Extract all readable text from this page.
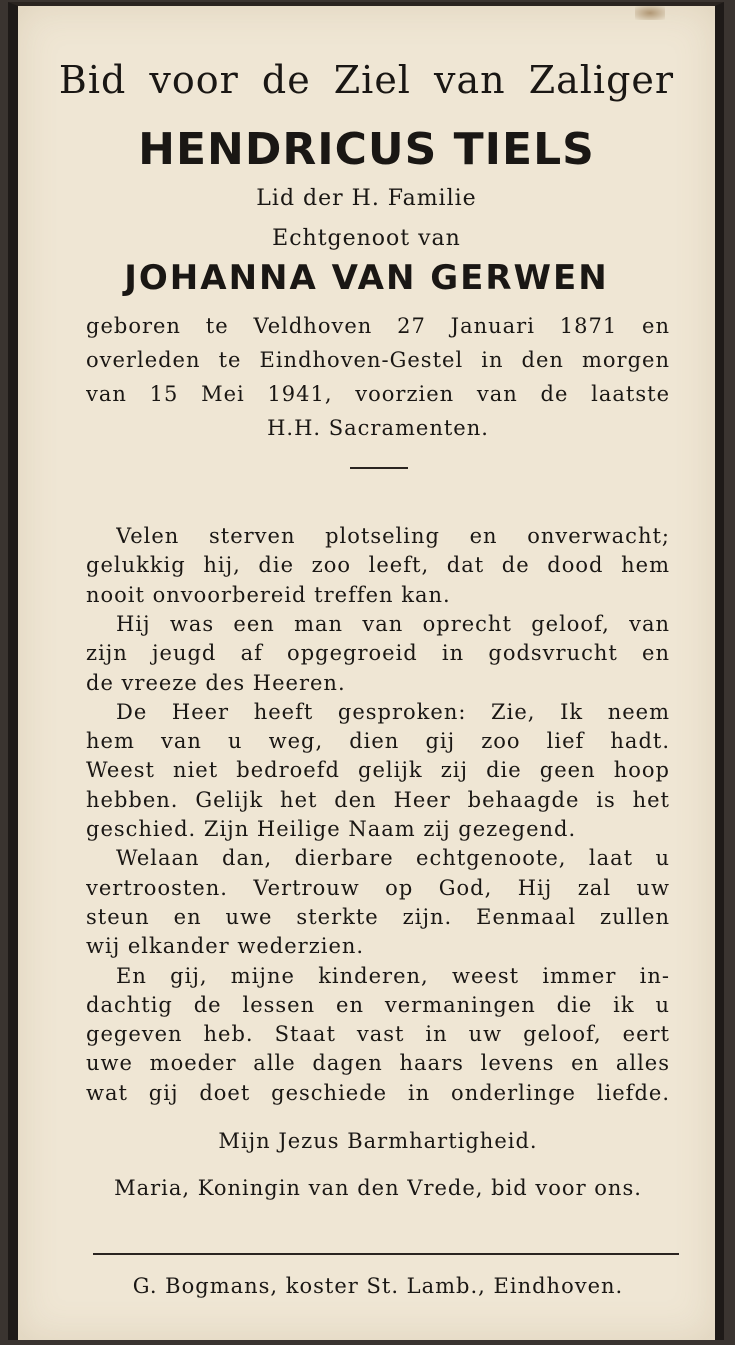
Bid voor de Ziel van Zaliger
HENDRICUS TIELS
Lid der H. Familie
Echtgenoot van
JOHANNA VAN GERWEN
geboren te Veldhoven 27 Januari 1871 en
overleden te Eindhoven-Gestel in den morgen
van 15 Mei 1941, voorzien van de laatste
H.H. Sacramenten.
Velen sterven plotseling en onverwacht;
gelukkig hij, die zoo leeft, dat de dood hem
nooit onvoorbereid treffen kan.
Hij was een man van oprecht geloof, van
zijn jeugd af opgegroeid in godsvrucht en
de vreeze des Heeren.
De Heer heeft gesproken: Zie, Ik neem
hem van u weg, dien gij zoo lief hadt.
Weest niet bedroefd gelijk zij die geen hoop
hebben. Gelijk het den Heer behaagde is het
geschied. Zijn Heilige Naam zij gezegend.
Welaan dan, dierbare echtgenoote, laat u
vertroosten. Vertrouw op God, Hij zal uw
steun en uwe sterkte zijn. Eenmaal zullen
wij elkander wederzien.
En gij, mijne kinderen, weest immer in-
dachtig de lessen en vermaningen die ik u
gegeven heb. Staat vast in uw geloof, eert
uwe moeder alle dagen haars levens en alles
wat gij doet geschiede in onderlinge liefde.
Mijn Jezus Barmhartigheid.
Maria, Koningin van den Vrede, bid voor ons.
G. Bogmans, koster St. Lamb., Eindhoven.
